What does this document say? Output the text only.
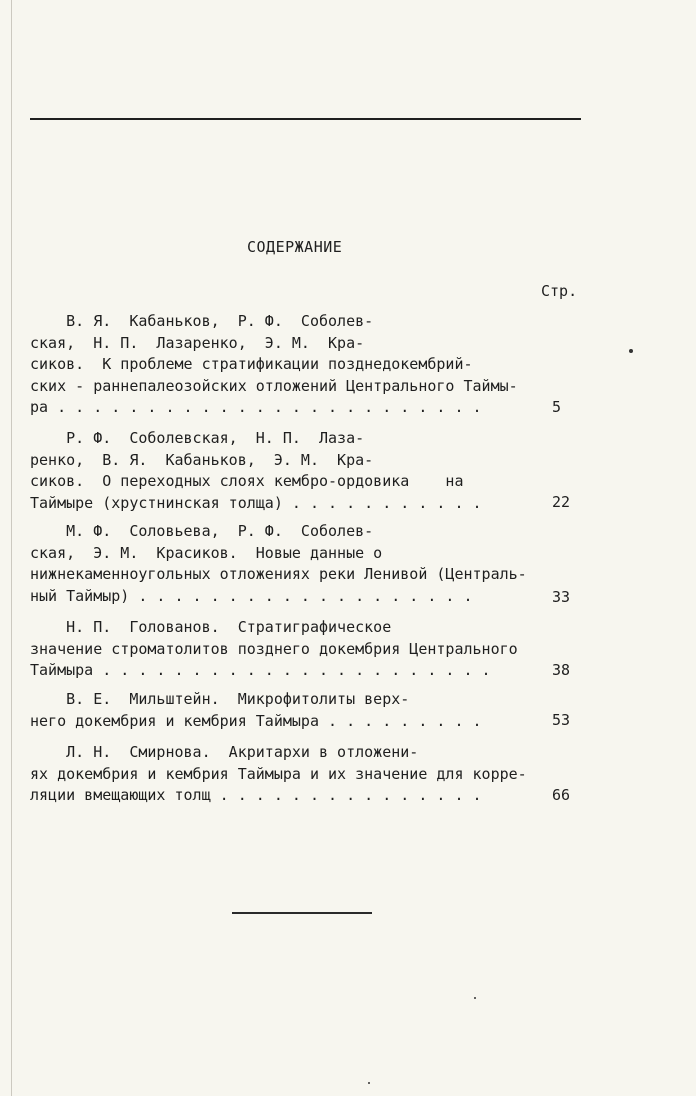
СОДЕРЖАНИЕ
Стр.
В. Я.  Кабаньков,  Р. Ф.  Соболев-
ская,  Н. П.  Лазаренко,  Э. М.  Кра-
сиков.  К проблеме стратификации позднедокембрий-
ских - раннепалеозойских отложений Центрального Таймы-
ра . . . . . . . . . . . . . . . . . . . . . . . .	5
Р. Ф.  Соболевская,  Н. П.  Лаза-
ренко,  В. Я.  Кабаньков,  Э. М.  Кра-
сиков.  О переходных слоях кембро-ордовика    на
Таймыре (хрустнинская толща) . . . . . . . . . . .	22
М. Ф.  Соловьева,  Р. Ф.  Соболев-
ская,  Э. М.  Красиков.  Новые данные о
нижнекаменноугольных отложениях реки Ленивой (Централь-
ный Таймыр) . . . . . . . . . . . . . . . . . . .	33
Н. П.  Голованов.  Стратиграфическое
значение строматолитов позднего докембрия Центрального
Таймыра . . . . . . . . . . . . . . . . . . . . . .	38
В. Е.  Мильштейн.  Микрофитолиты верх-
него докембрия и кембрия Таймыра . . . . . . . . .	53
Л. Н.  Смирнова.  Акритархи в отложени-
ях докембрия и кембрия Таймыра и их значение для корре-
ляции вмещающих толщ . . . . . . . . . . . . . . .	66
